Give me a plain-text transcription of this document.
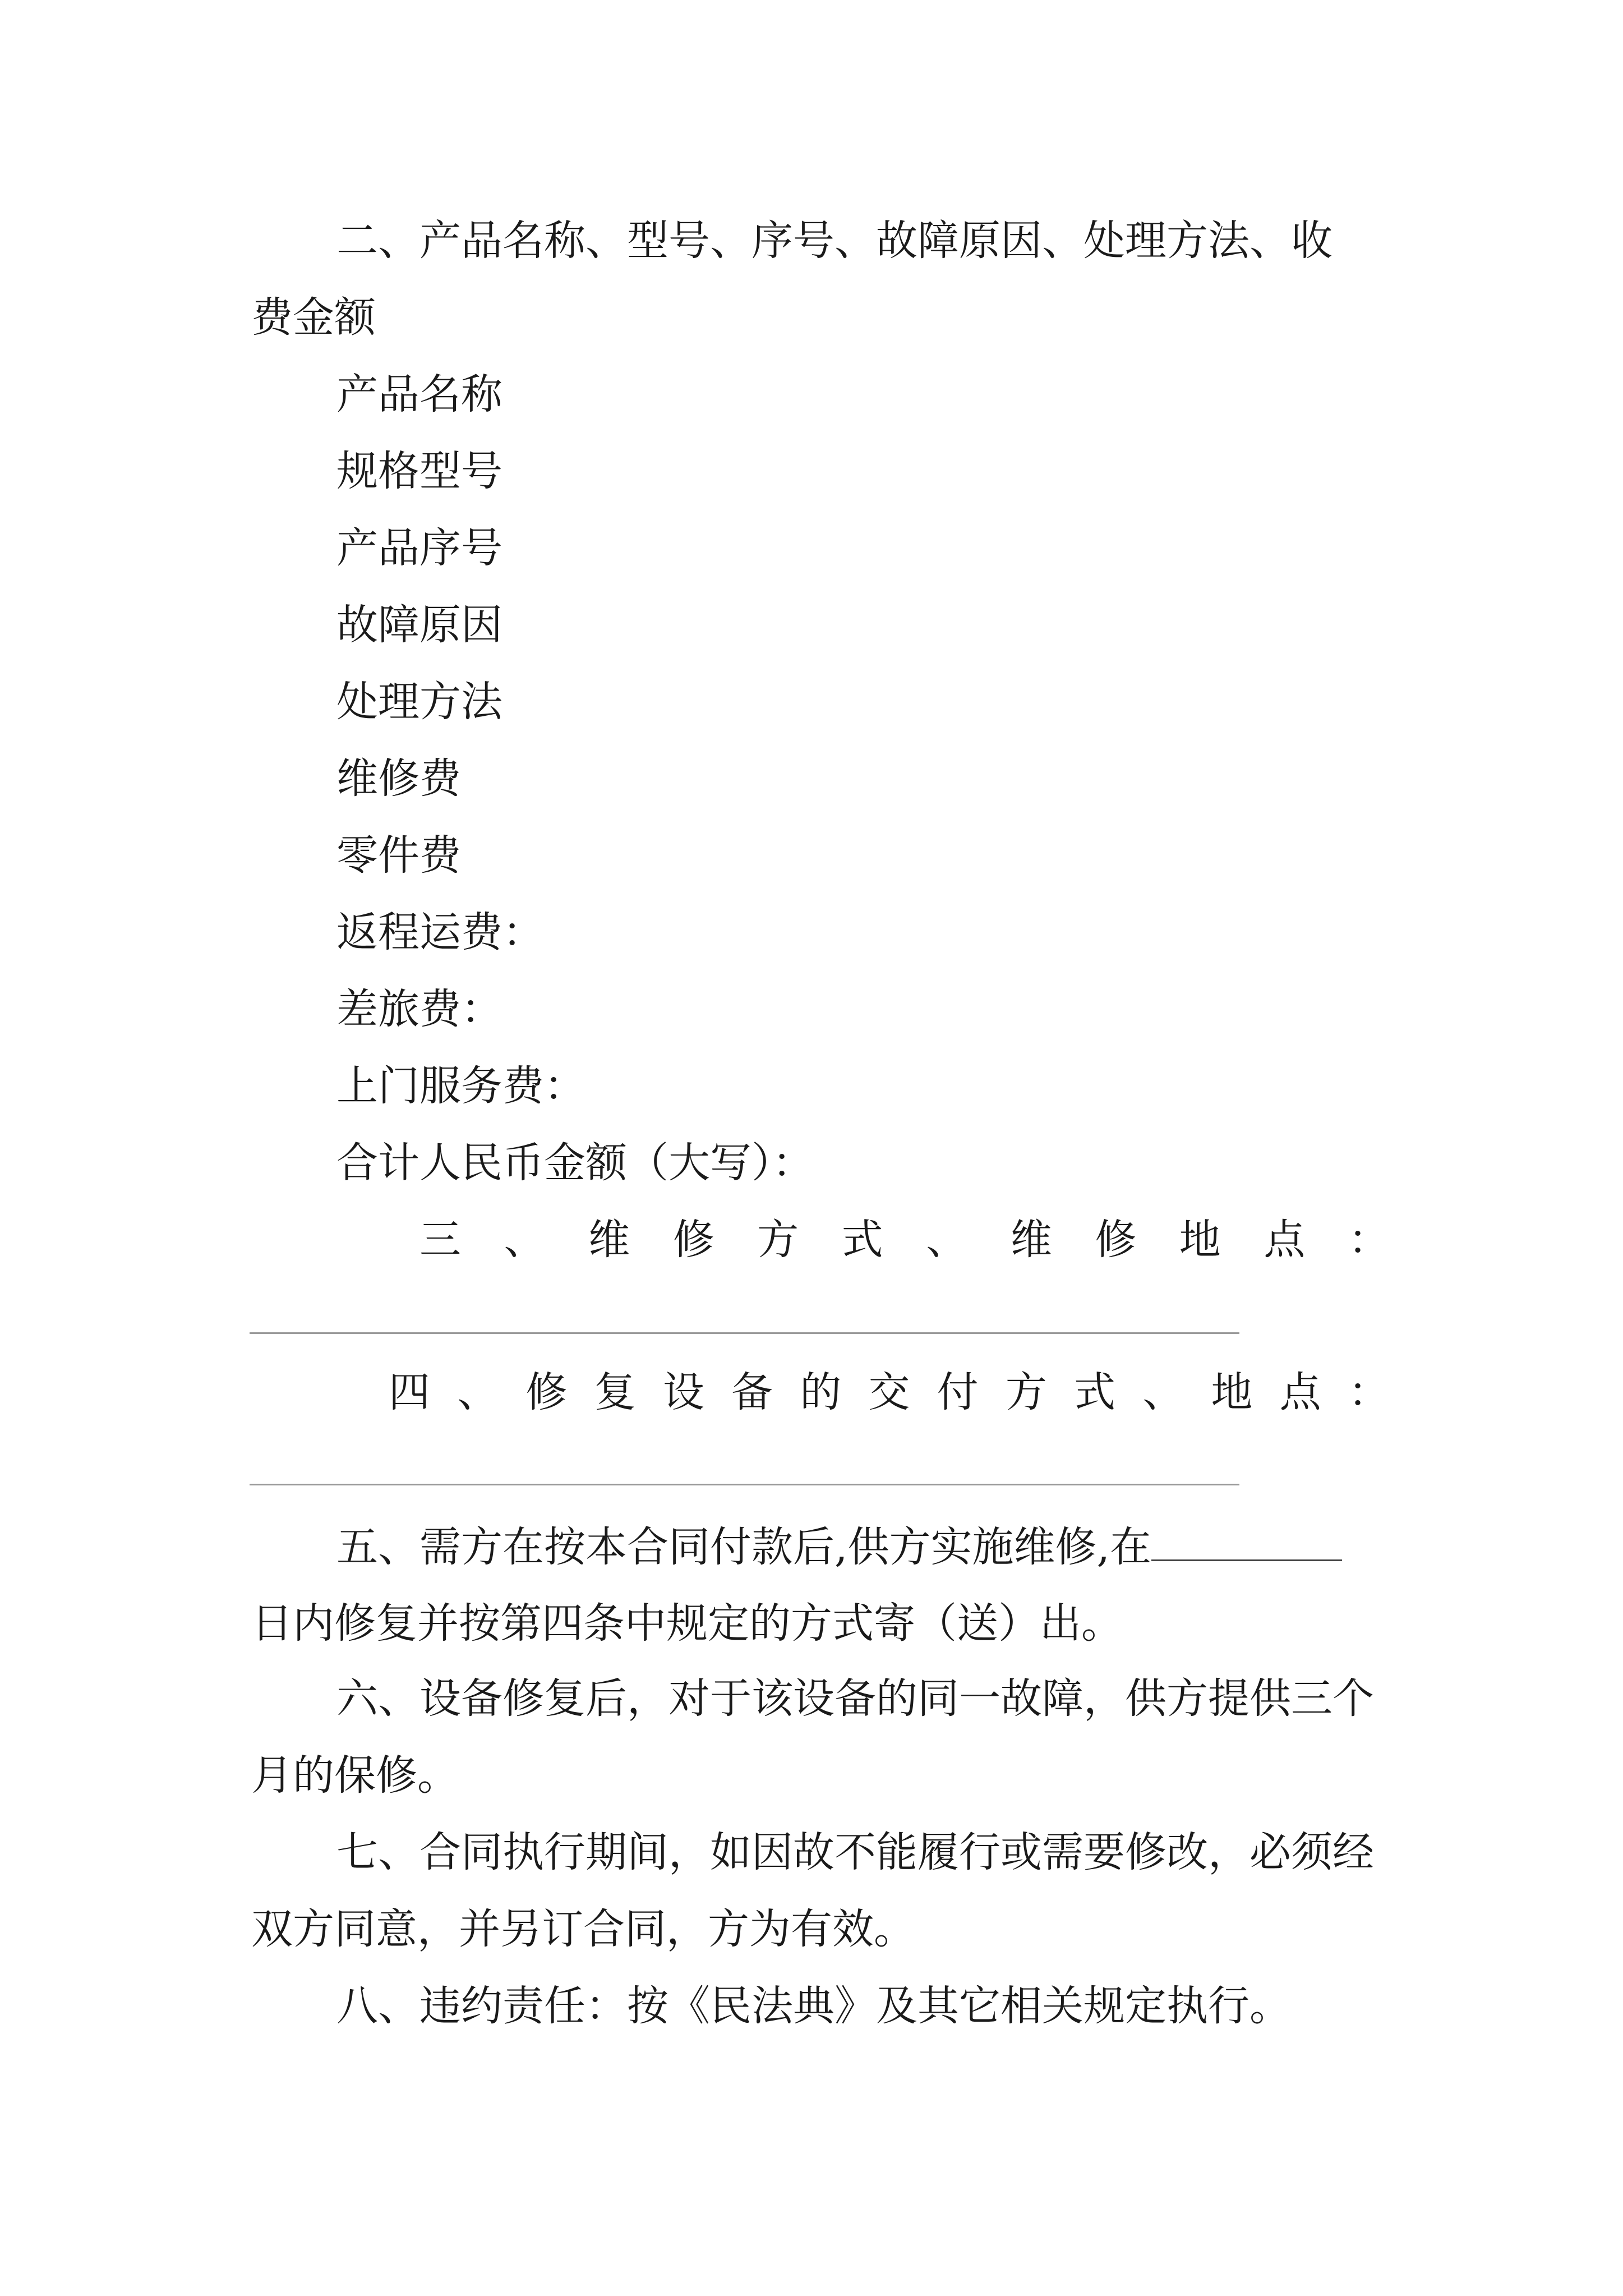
二、产品名称、型号、序号、故障原因、处理方法、收
费金额
产品名称
规格型号
产品序号
故障原因
处理方法
维修费
零件费
返程运费：
差旅费：
上门服务费：
合计人民币金额（大写）：
三 、 维 修 方 式 、 维 修 地 点 ：
四 、 修 复 设 备 的 交 付 方 式 、 地 点 ：
五、需方在按本合同付款后,供方实施维修,在
日内修复并按第四条中规定的方式寄（送）出。

六、设备修复后，对于该设备的同一故障，供方提供三个月的保修。

七、合同执行期间，如因故不能履行或需要修改，必须经双方同意，并另订合同，方为有效。

八、违约责任：按《民法典》及其它相关规定执行。
